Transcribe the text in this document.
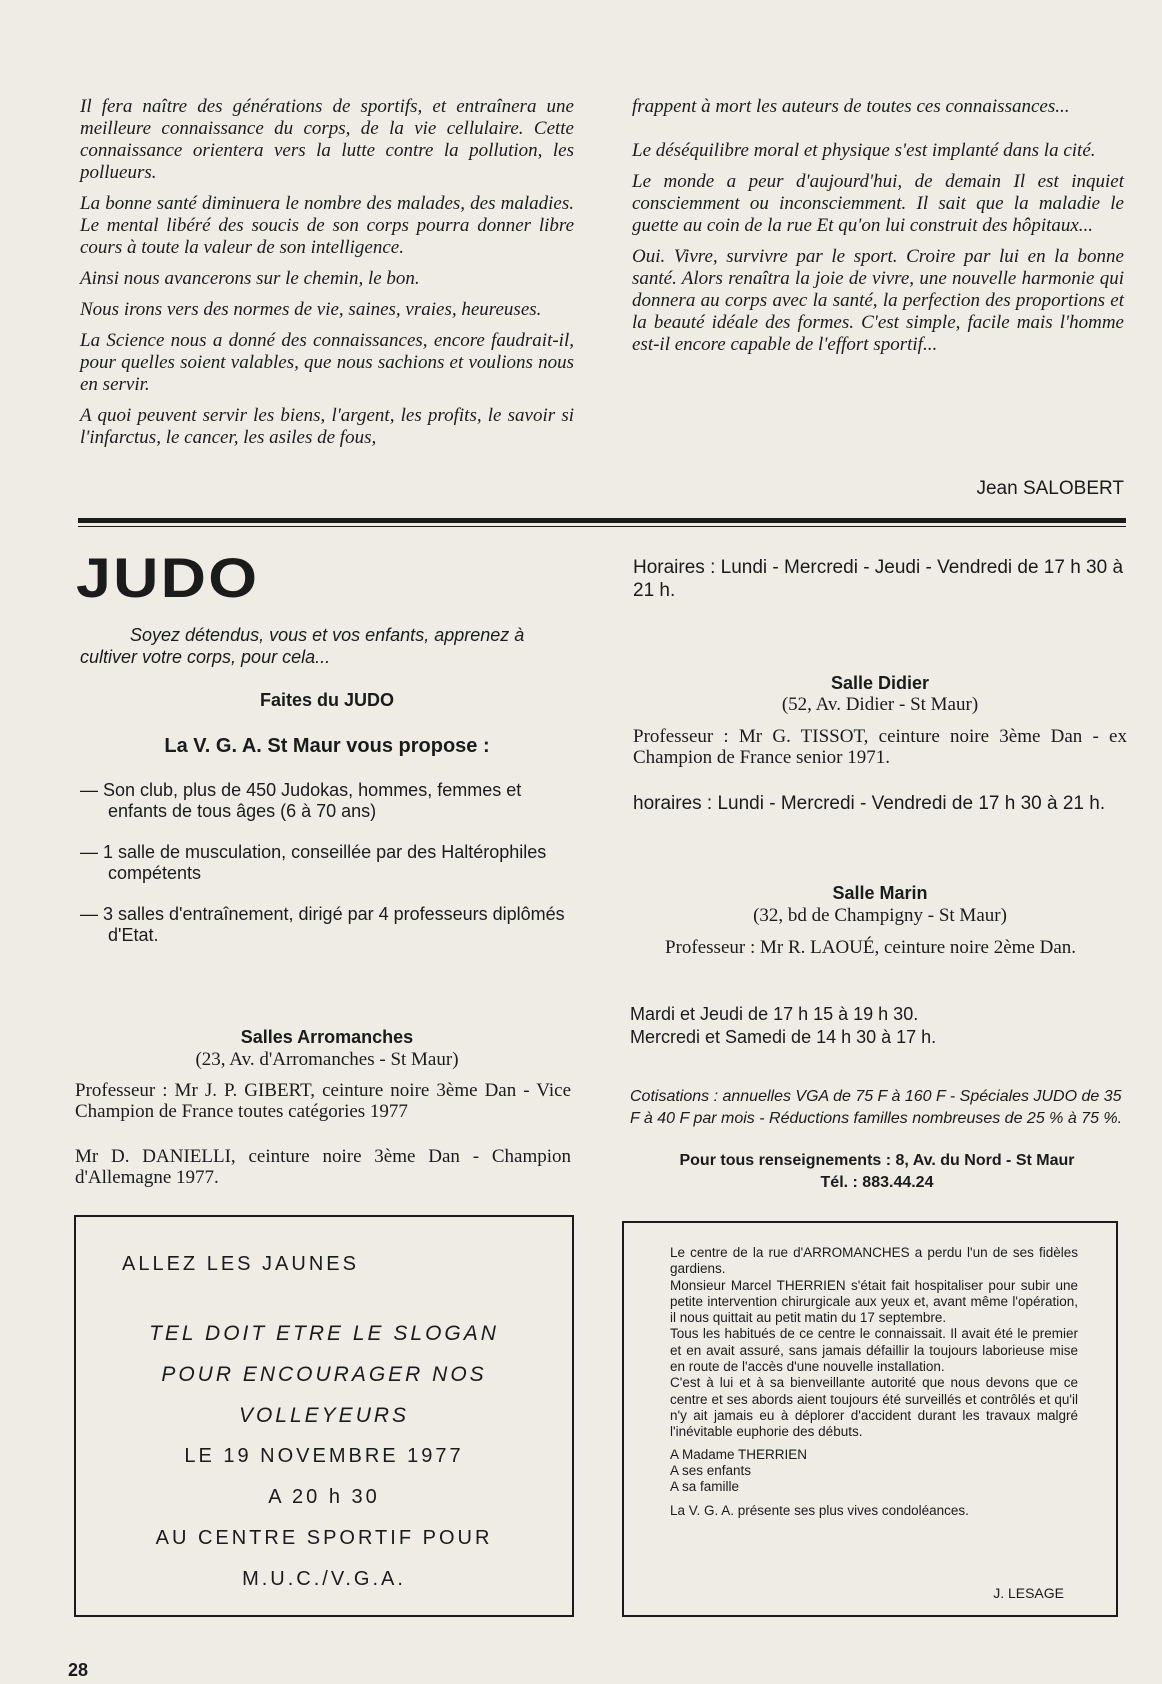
Il fera naître des générations de sportifs, et entraînera une meilleure connaissance du corps, de la vie cellulaire. Cette connaissance orientera vers la lutte contre la pollution, les pollueurs.

La bonne santé diminuera le nombre des malades, des maladies. Le mental libéré des soucis de son corps pourra donner libre cours à toute la valeur de son intelligence.

Ainsi nous avancerons sur le chemin, le bon.

Nous irons vers des normes de vie, saines, vraies, heureuses.

La Science nous a donné des connaissances, encore faudrait-il, pour quelles soient valables, que nous sachions et voulions nous en servir.

A quoi peuvent servir les biens, l'argent, les profits, le savoir si l'infarctus, le cancer, les asiles de fous,

frappent à mort les auteurs de toutes ces connaissances...

Le déséquilibre moral et physique s'est implanté dans la cité.

Le monde a peur d'aujourd'hui, de demain Il est inquiet consciemment ou inconsciemment. Il sait que la maladie le guette au coin de la rue Et qu'on lui construit des hôpitaux...

Oui. Vivre, survivre par le sport. Croire par lui en la bonne santé. Alors renaîtra la joie de vivre, une nouvelle harmonie qui donnera au corps avec la santé, la perfection des proportions et la beauté idéale des formes. C'est simple, facile mais l'homme est-il encore capable de l'effort sportif...

Jean SALOBERT
JUDO
Soyez détendus, vous et vos enfants, apprenez à cultiver votre corps, pour cela...
Faites du JUDO
La V. G. A. St Maur vous propose :
— Son club, plus de 450 Judokas, hommes, femmes et enfants de tous âges (6 à 70 ans)
— 1 salle de musculation, conseillée par des Haltérophiles compétents
— 3 salles d'entraînement, dirigé par 4 professeurs diplômés d'Etat.
Salles Arromanches
(23, Av. d'Arromanches - St Maur)
Professeur : Mr J. P. GIBERT, ceinture noire 3ème Dan - Vice Champion de France toutes catégories 1977
Mr D. DANIELLI, ceinture noire 3ème Dan - Champion d'Allemagne 1977.
Horaires : Lundi - Mercredi - Jeudi - Vendredi de 17 h 30 à 21 h.
Salle Didier
(52, Av. Didier - St Maur)
Professeur : Mr G. TISSOT, ceinture noire 3ème Dan - ex Champion de France senior 1971.
horaires : Lundi - Mercredi - Vendredi de 17 h 30 à 21 h.
Salle Marin
(32, bd de Champigny - St Maur)
Professeur : Mr R. LAOUÉ, ceinture noire 2ème Dan.

Mardi et Jeudi de 17 h 15 à 19 h 30.

Mercredi et Samedi de 14 h 30 à 17 h.

Cotisations : annuelles VGA de 75 F à 160 F - Spéciales JUDO de 35 F à 40 F par mois - Réductions familles nombreuses de 25 % à 75 %.
Pour tous renseignements : 8, Av. du Nord - St Maur
Tél. : 883.44.24
ALLEZ LES JAUNES
TEL DOIT ETRE LE SLOGAN
POUR ENCOURAGER NOS
VOLLEYEURS
LE 19 NOVEMBRE 1977
A 20 h 30
AU CENTRE SPORTIF POUR
M.U.C./V.G.A.
Le centre de la rue d'ARROMANCHES a perdu l'un de ses fidèles gardiens.
Monsieur Marcel THERRIEN s'était fait hospitaliser pour subir une petite intervention chirurgicale aux yeux et, avant même l'opération, il nous quittait au petit matin du 17 septembre.
Tous les habitués de ce centre le connaissait. Il avait été le premier et en avait assuré, sans jamais défaillir la toujours laborieuse mise en route de l'accès d'une nouvelle installation.
C'est à lui et à sa bienveillante autorité que nous devons que ce centre et ses abords aient toujours été surveillés et contrôlés et qu'il n'y ait jamais eu à déplorer d'accident durant les travaux malgré l'inévitable euphorie des débuts.
A Madame THERRIEN
A ses enfants
A sa famille
La V. G. A. présente ses plus vives condoléances.
J. LESAGE
28
